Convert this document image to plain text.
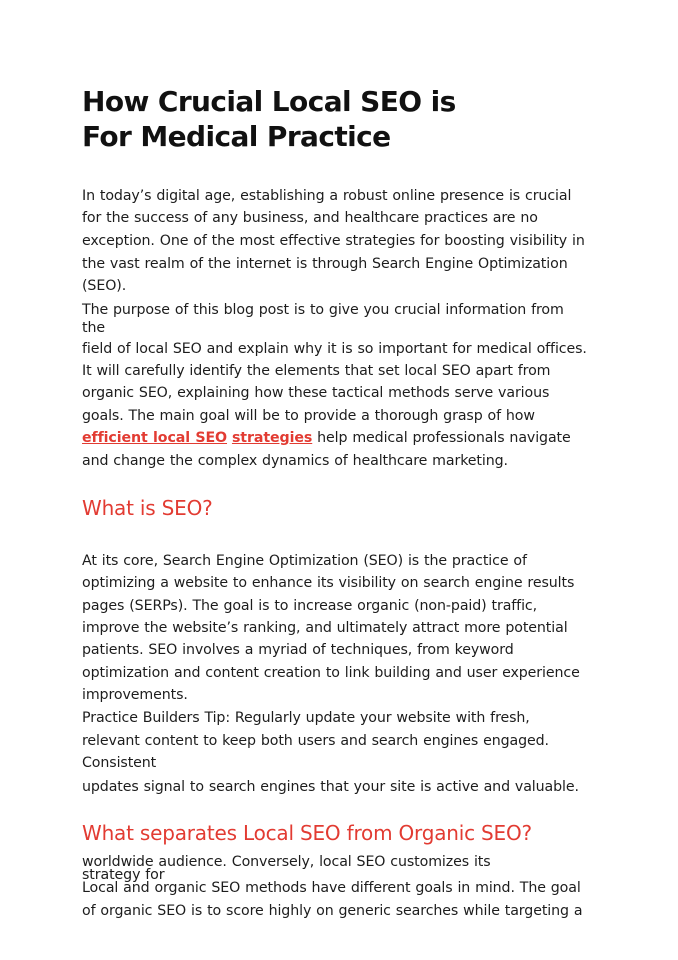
How Crucial Local SEO is
For Medical Practice

In today’s digital age, establishing a robust online presence is crucial

for the success of any business, and healthcare practices are no

exception. One of the most effective strategies for boosting visibility in

the vast realm of the internet is through Search Engine Optimization

(SEO).

The purpose of this blog post is to give you crucial information from

the

field of local SEO and explain why it is so important for medical offices.

It will carefully identify the elements that set local SEO apart from

organic SEO, explaining how these tactical methods serve various

goals. The main goal will be to provide a thorough grasp of how

efficient local SEO strategies help medical professionals navigate

and change the complex dynamics of healthcare marketing.

What is SEO?

At its core, Search Engine Optimization (SEO) is the practice of

optimizing a website to enhance its visibility on search engine results

pages (SERPs). The goal is to increase organic (non-paid) traffic,

improve the website’s ranking, and ultimately attract more potential

patients. SEO involves a myriad of techniques, from keyword

optimization and content creation to link building and user experience

improvements.

Practice Builders Tip: Regularly update your website with fresh,

relevant content to keep both users and search engines engaged.

Consistent

updates signal to search engines that your site is active and valuable.

What separates Local SEO from Organic SEO?

worldwide audience. Conversely, local SEO customizes its

strategy for

Local and organic SEO methods have different goals in mind. The goal

of organic SEO is to score highly on generic searches while targeting a
